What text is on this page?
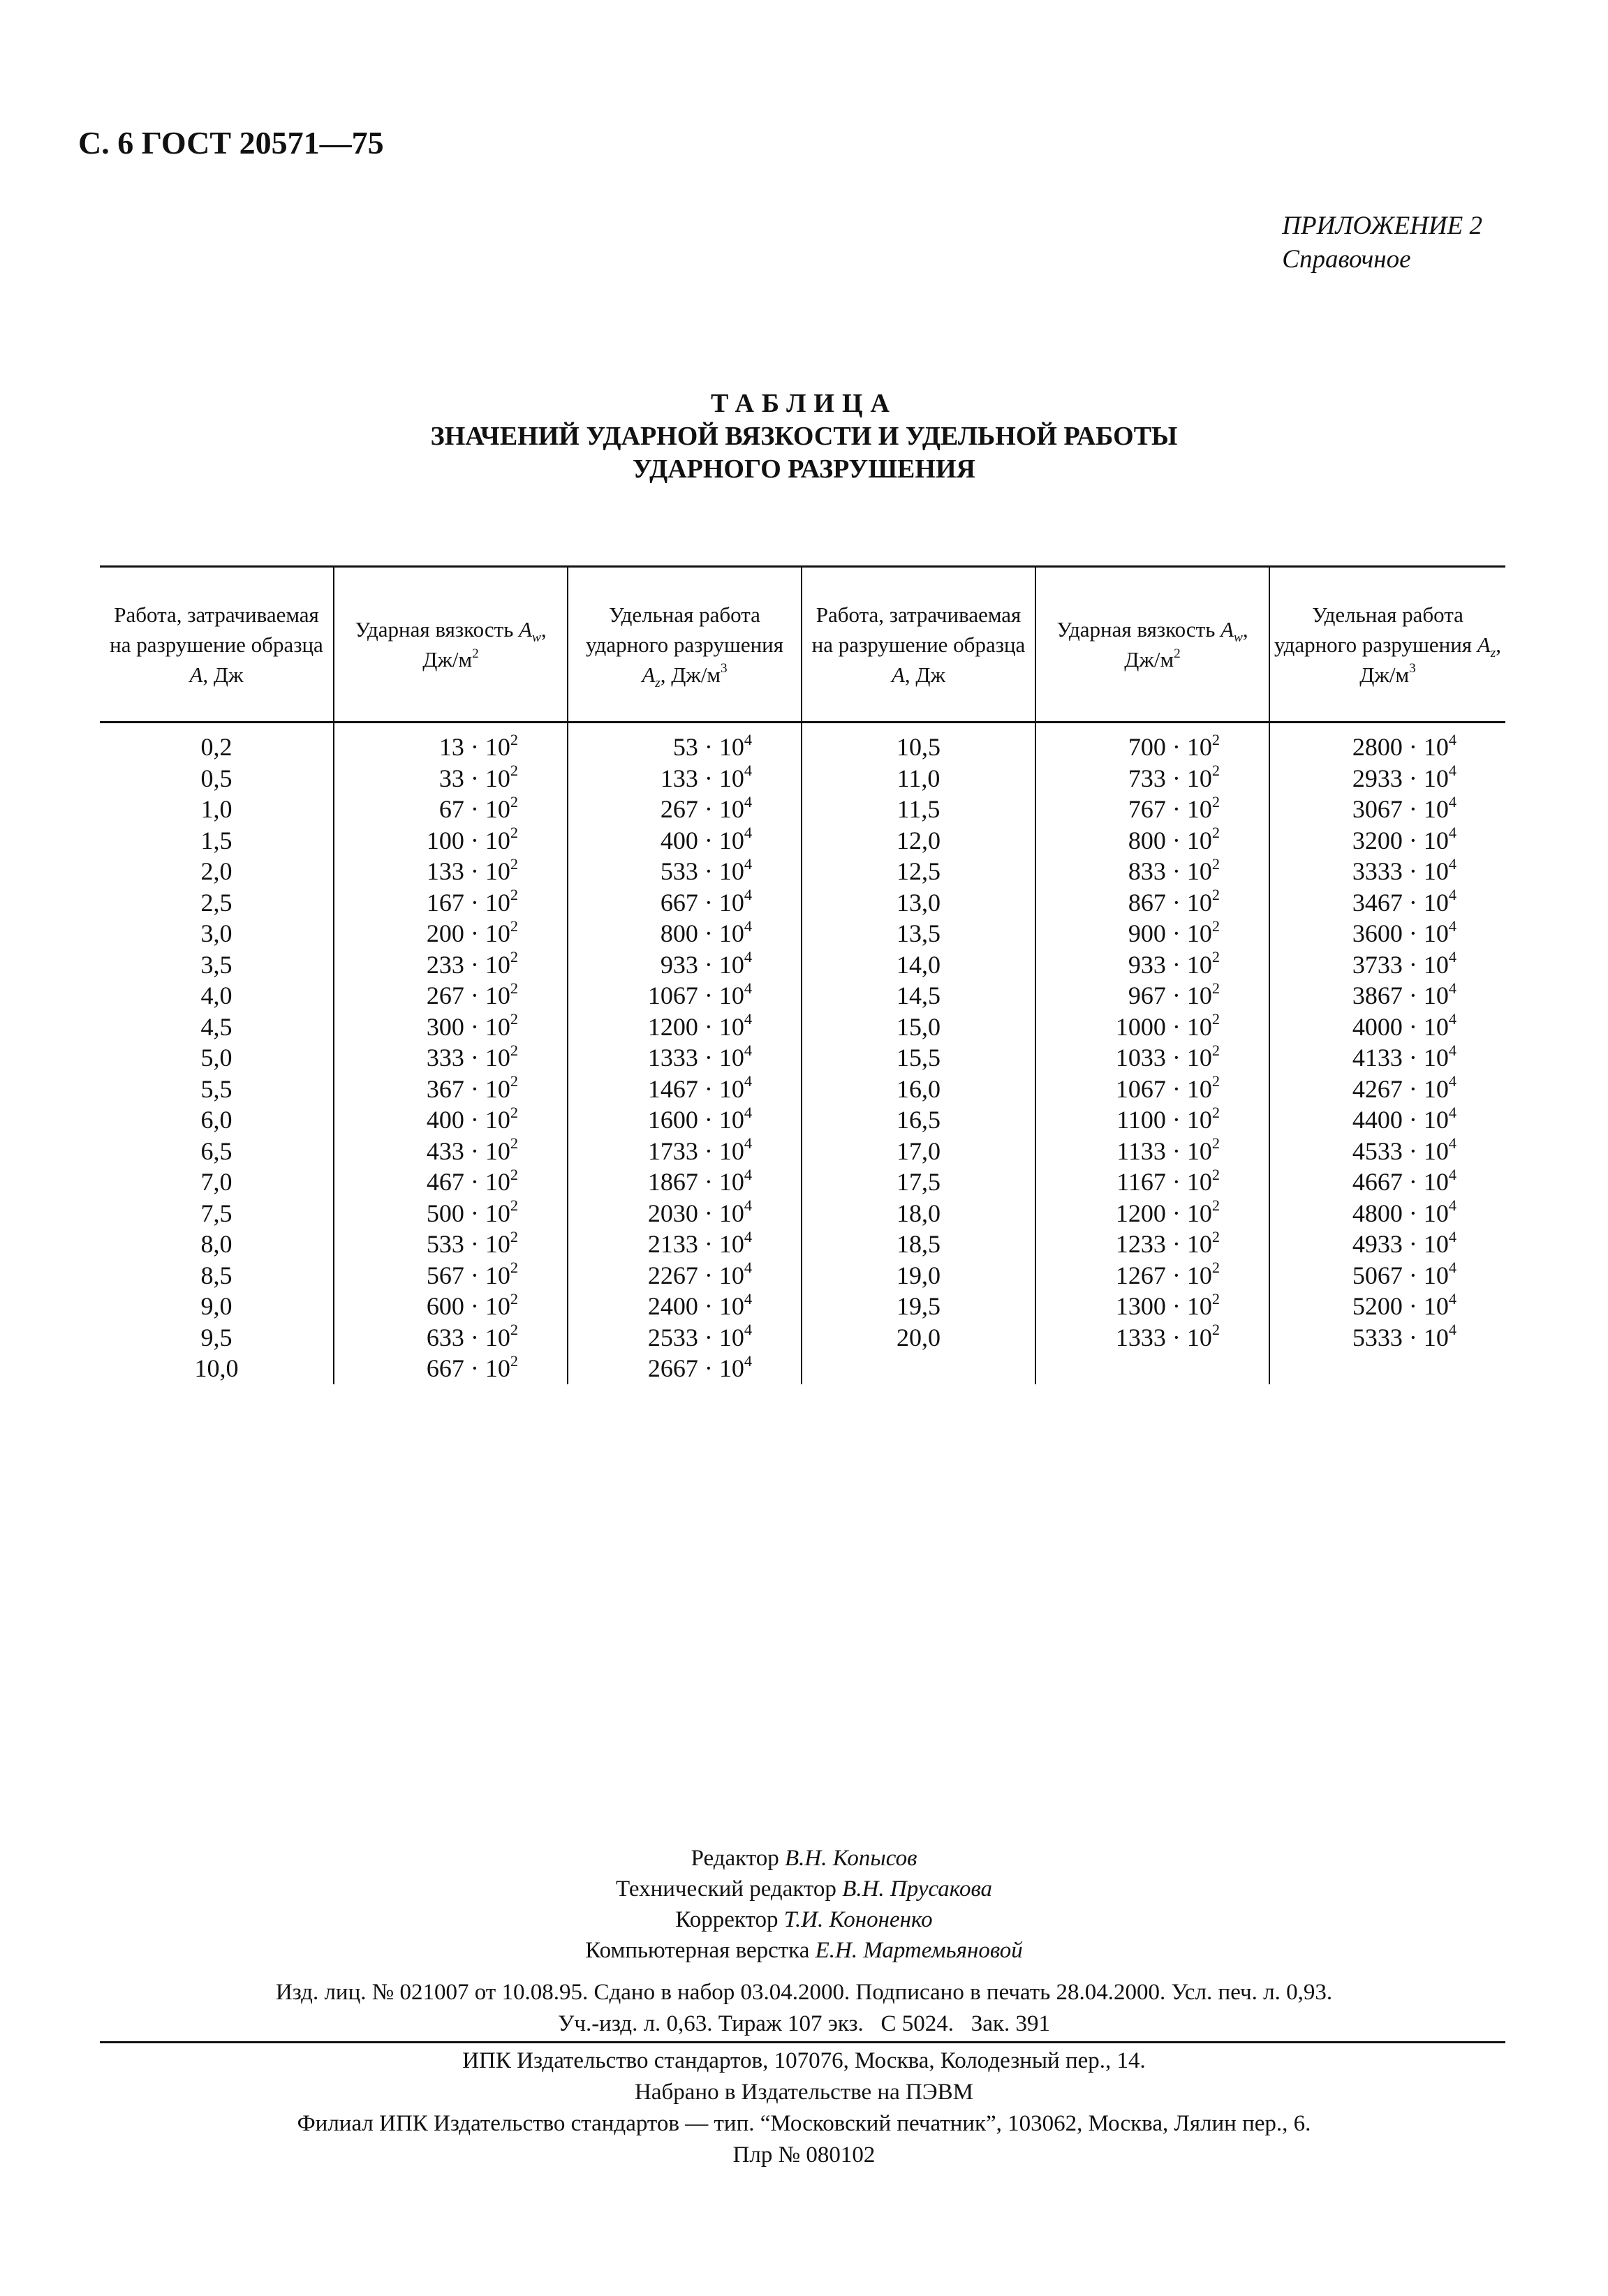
С. 6 ГОСТ 20571—75
ПРИЛОЖЕНИЕ 2
Справочное
ТАБЛИЦА
ЗНАЧЕНИЙ УДАРНОЙ ВЯЗКОСТИ И УДЕЛЬНОЙ РАБОТЫ
УДАРНОГО РАЗРУШЕНИЯ
Работа, затрачиваемая на разрушение образца A, Дж	Ударная вязкость $A_w$, $Дж/м^2$	Удельная работа ударного разрушения $A_z$, $Дж/м^3$	Работа, затрачиваемая на разрушение образца A, Дж	Ударная вязкость $A_w$, $Дж/м^2$	Удельная работа ударного разрушения $A_z$, $Дж/м^3$
0,2	$13 \cdot 10^2$	$53 \cdot 10^4$	10,5	$700 \cdot 10^2$	$2800 \cdot 10^4$
0,5	$33 \cdot 10^2$	$133 \cdot 10^4$	11,0	$733 \cdot 10^2$	$2933 \cdot 10^4$
1,0	$67 \cdot 10^2$	$267 \cdot 10^4$	11,5	$767 \cdot 10^2$	$3067 \cdot 10^4$
1,5	$100 \cdot 10^2$	$400 \cdot 10^4$	12,0	$800 \cdot 10^2$	$3200 \cdot 10^4$
2,0	$133 \cdot 10^2$	$533 \cdot 10^4$	12,5	$833 \cdot 10^2$	$3333 \cdot 10^4$
2,5	$167 \cdot 10^2$	$667 \cdot 10^4$	13,0	$867 \cdot 10^2$	$3467 \cdot 10^4$
3,0	$200 \cdot 10^2$	$800 \cdot 10^4$	13,5	$900 \cdot 10^2$	$3600 \cdot 10^4$
3,5	$233 \cdot 10^2$	$933 \cdot 10^4$	14,0	$933 \cdot 10^2$	$3733 \cdot 10^4$
4,0	$267 \cdot 10^2$	$1067 \cdot 10^4$	14,5	$967 \cdot 10^2$	$3867 \cdot 10^4$
4,5	$300 \cdot 10^2$	$1200 \cdot 10^4$	15,0	$1000 \cdot 10^2$	$4000 \cdot 10^4$
5,0	$333 \cdot 10^2$	$1333 \cdot 10^4$	15,5	$1033 \cdot 10^2$	$4133 \cdot 10^4$
5,5	$367 \cdot 10^2$	$1467 \cdot 10^4$	16,0	$1067 \cdot 10^2$	$4267 \cdot 10^4$
6,0	$400 \cdot 10^2$	$1600 \cdot 10^4$	16,5	$1100 \cdot 10^2$	$4400 \cdot 10^4$
6,5	$433 \cdot 10^2$	$1733 \cdot 10^4$	17,0	$1133 \cdot 10^2$	$4533 \cdot 10^4$
7,0	$467 \cdot 10^2$	$1867 \cdot 10^4$	17,5	$1167 \cdot 10^2$	$4667 \cdot 10^4$
7,5	$500 \cdot 10^2$	$2030 \cdot 10^4$	18,0	$1200 \cdot 10^2$	$4800 \cdot 10^4$
8,0	$533 \cdot 10^2$	$2133 \cdot 10^4$	18,5	$1233 \cdot 10^2$	$4933 \cdot 10^4$
8,5	$567 \cdot 10^2$	$2267 \cdot 10^4$	19,0	$1267 \cdot 10^2$	$5067 \cdot 10^4$
9,0	$600 \cdot 10^2$	$2400 \cdot 10^4$	19,5	$1300 \cdot 10^2$	$5200 \cdot 10^4$
9,5	$633 \cdot 10^2$	$2533 \cdot 10^4$	20,0	$1333 \cdot 10^2$	$5333 \cdot 10^4$
10,0	$667 \cdot 10^2$	$2667 \cdot 10^4$			
Редактор В.Н. Копысов
Технический редактор В.Н. Прусакова
Корректор Т.И. Кононенко
Компьютерная верстка Е.Н. Мартемьяновой
Изд. лиц. № 021007 от 10.08.95. Сдано в набор 03.04.2000. Подписано в печать 28.04.2000. Усл. печ. л. 0,93.
Уч.-изд. л. 0,63. Тираж 107 экз.   С 5024.   Зак. 391
ИПК Издательство стандартов, 107076, Москва, Колодезный пер., 14.
Набрано в Издательстве на ПЭВМ
Филиал ИПК Издательство стандартов — тип. “Московский печатник”, 103062, Москва, Лялин пер., 6.
Плр № 080102
